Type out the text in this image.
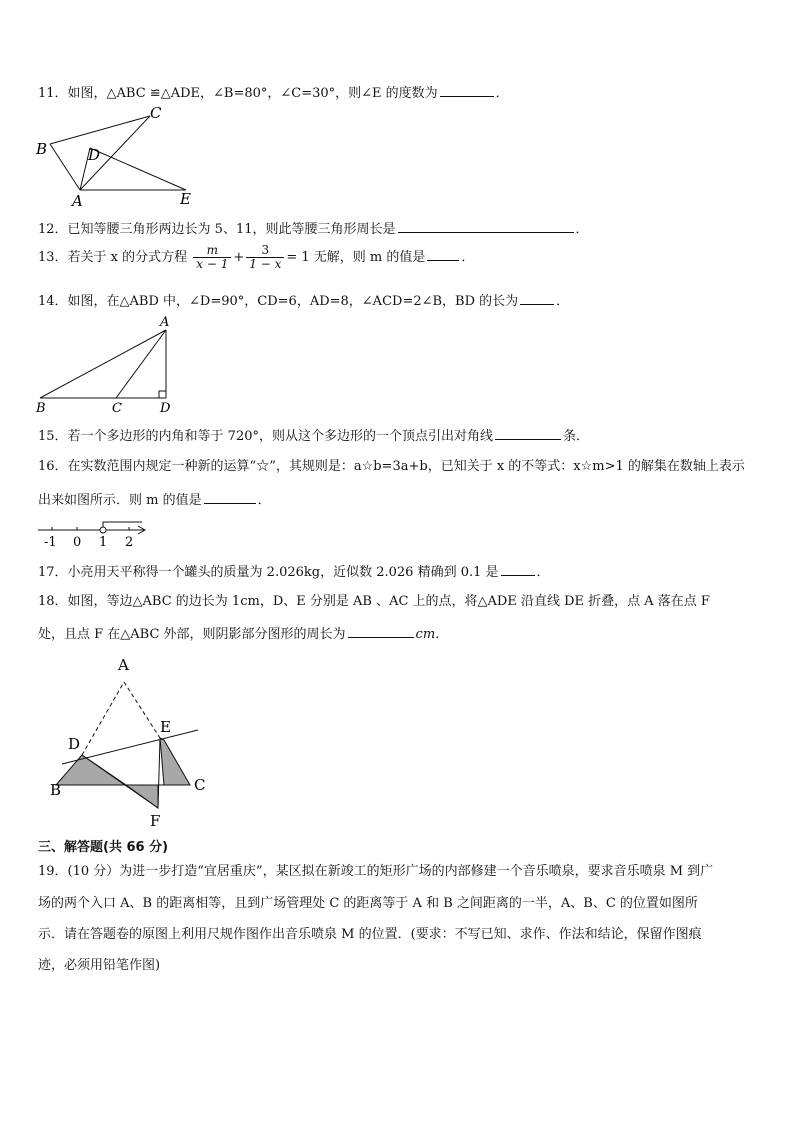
11．如图，△ABC ≌△ADE，∠B=80°，∠C=30°，则∠E 的度数为	．
B
C
D
A	E
12．已知等腰三角形两边长为 5、11，则此等腰三角形周长是	．
13．若关于 x 的分式方程 $\frac{m}{x - 1} + \frac{3}{1 - x} = 1$ 无解，则 m 的值是	．
14．如图，在△ABD 中，∠D=90°，CD=6，AD=8，∠ACD=2∠B，BD 的长为	．
A
B	C	D
15．若一个多边形的内角和等于 720°，则从这个多边形的一个顶点引出对角线	条．
16．在实数范围内规定一种新的运算“☆”，其规则是：a☆b=3a+b，已知关于 x 的不等式：x☆m>1 的解集在数轴上表示
出来如图所示．则 m 的值是	．
-1 0 1 2
17．小亮用天平称得一个罐头的质量为 2.026kg，近似数 2.026 精确到 0.1 是	．
18．如图，等边△ABC 的边长为 1cm，D、E 分别是 AB 、AC 上的点，将△ADE 沿直线 DE 折叠，点 A 落在点 F
处，且点 F 在△ABC 外部，则阴影部分图形的周长为	cm．
A
D
E
B	C
F
三、解答题(共 66 分)
19．(10 分）为进一步打造“宜居重庆”，某区拟在新竣工的矩形广场的内部修建一个音乐喷泉，要求音乐喷泉 M 到广
场的两个入口 A、B 的距离相等，且到广场管理处 C 的距离等于 A 和 B 之间距离的一半，A、B、C 的位置如图所
示．请在答题卷的原图上利用尺规作图作出音乐喷泉 M 的位置．(要求：不写已知、求作、作法和结论，保留作图痕
迹，必须用铅笔作图)
